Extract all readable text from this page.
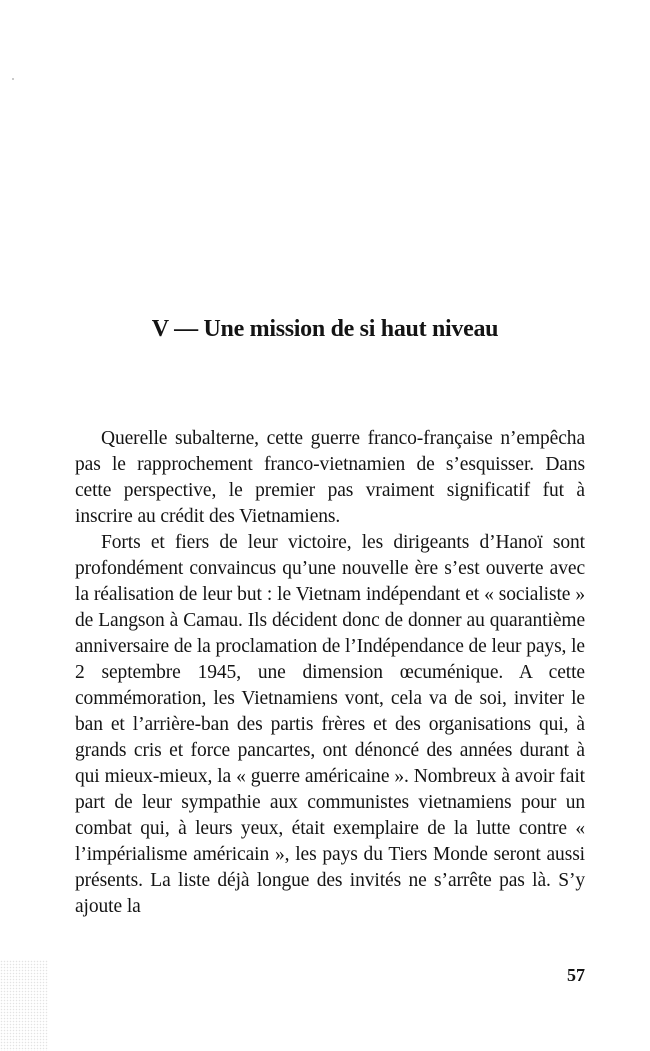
V — Une mission de si haut niveau

Querelle subalterne, cette guerre franco-française n’empêcha pas le rapprochement franco-vietnamien de s’esquisser. Dans cette perspective, le premier pas vraiment significatif fut à inscrire au crédit des Vietnamiens.

Forts et fiers de leur victoire, les dirigeants d’Hanoï sont profondément convaincus qu’une nouvelle ère s’est ouverte avec la réalisation de leur but : le Vietnam indépendant et « socialiste » de Langson à Camau. Ils décident donc de donner au quarantième anniversaire de la proclamation de l’Indépendance de leur pays, le 2 septembre 1945, une dimension œcuménique. A cette commémoration, les Vietnamiens vont, cela va de soi, inviter le ban et l’arrière-ban des partis frères et des organisations qui, à grands cris et force pancartes, ont dénoncé des années durant à qui mieux-mieux, la « guerre américaine ». Nombreux à avoir fait part de leur sympathie aux communistes vietnamiens pour un combat qui, à leurs yeux, était exemplaire de la lutte contre « l’impérialisme américain », les pays du Tiers Monde seront aussi présents. La liste déjà longue des invités ne s’arrête pas là. S’y ajoute la

57
